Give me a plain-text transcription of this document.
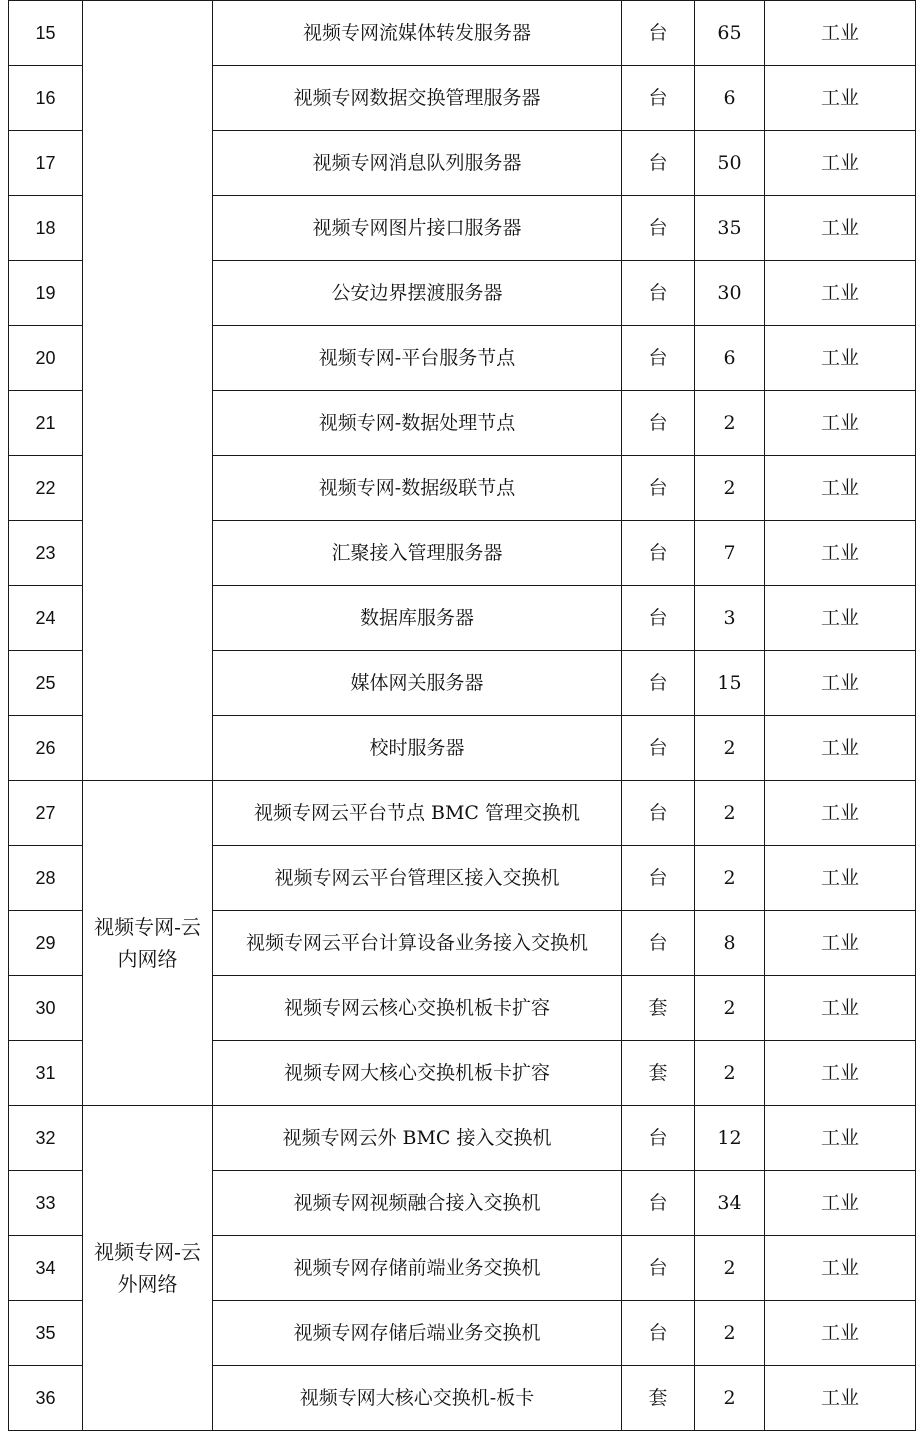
15		视频专网流媒体转发服务器	台	65	工业
16		视频专网数据交换管理服务器	台	6	工业
17		视频专网消息队列服务器	台	50	工业
18		视频专网图片接口服务器	台	35	工业
19		公安边界摆渡服务器	台	30	工业
20		视频专网-平台服务节点	台	6	工业
21		视频专网-数据处理节点	台	2	工业
22		视频专网-数据级联节点	台	2	工业
23		汇聚接入管理服务器	台	7	工业
24		数据库服务器	台	3	工业
25		媒体网关服务器	台	15	工业
26		校时服务器	台	2	工业
27	视频专网-云内网络	视频专网云平台节点 BMC 管理交换机	台	2	工业
28		视频专网云平台管理区接入交换机	台	2	工业
29		视频专网云平台计算设备业务接入交换机	台	8	工业
30		视频专网云核心交换机板卡扩容	套	2	工业
31		视频专网大核心交换机板卡扩容	套	2	工业
32	视频专网-云外网络	视频专网云外 BMC 接入交换机	台	12	工业
33		视频专网视频融合接入交换机	台	34	工业
34		视频专网存储前端业务交换机	台	2	工业
35		视频专网存储后端业务交换机	台	2	工业
36		视频专网大核心交换机-板卡	套	2	工业
